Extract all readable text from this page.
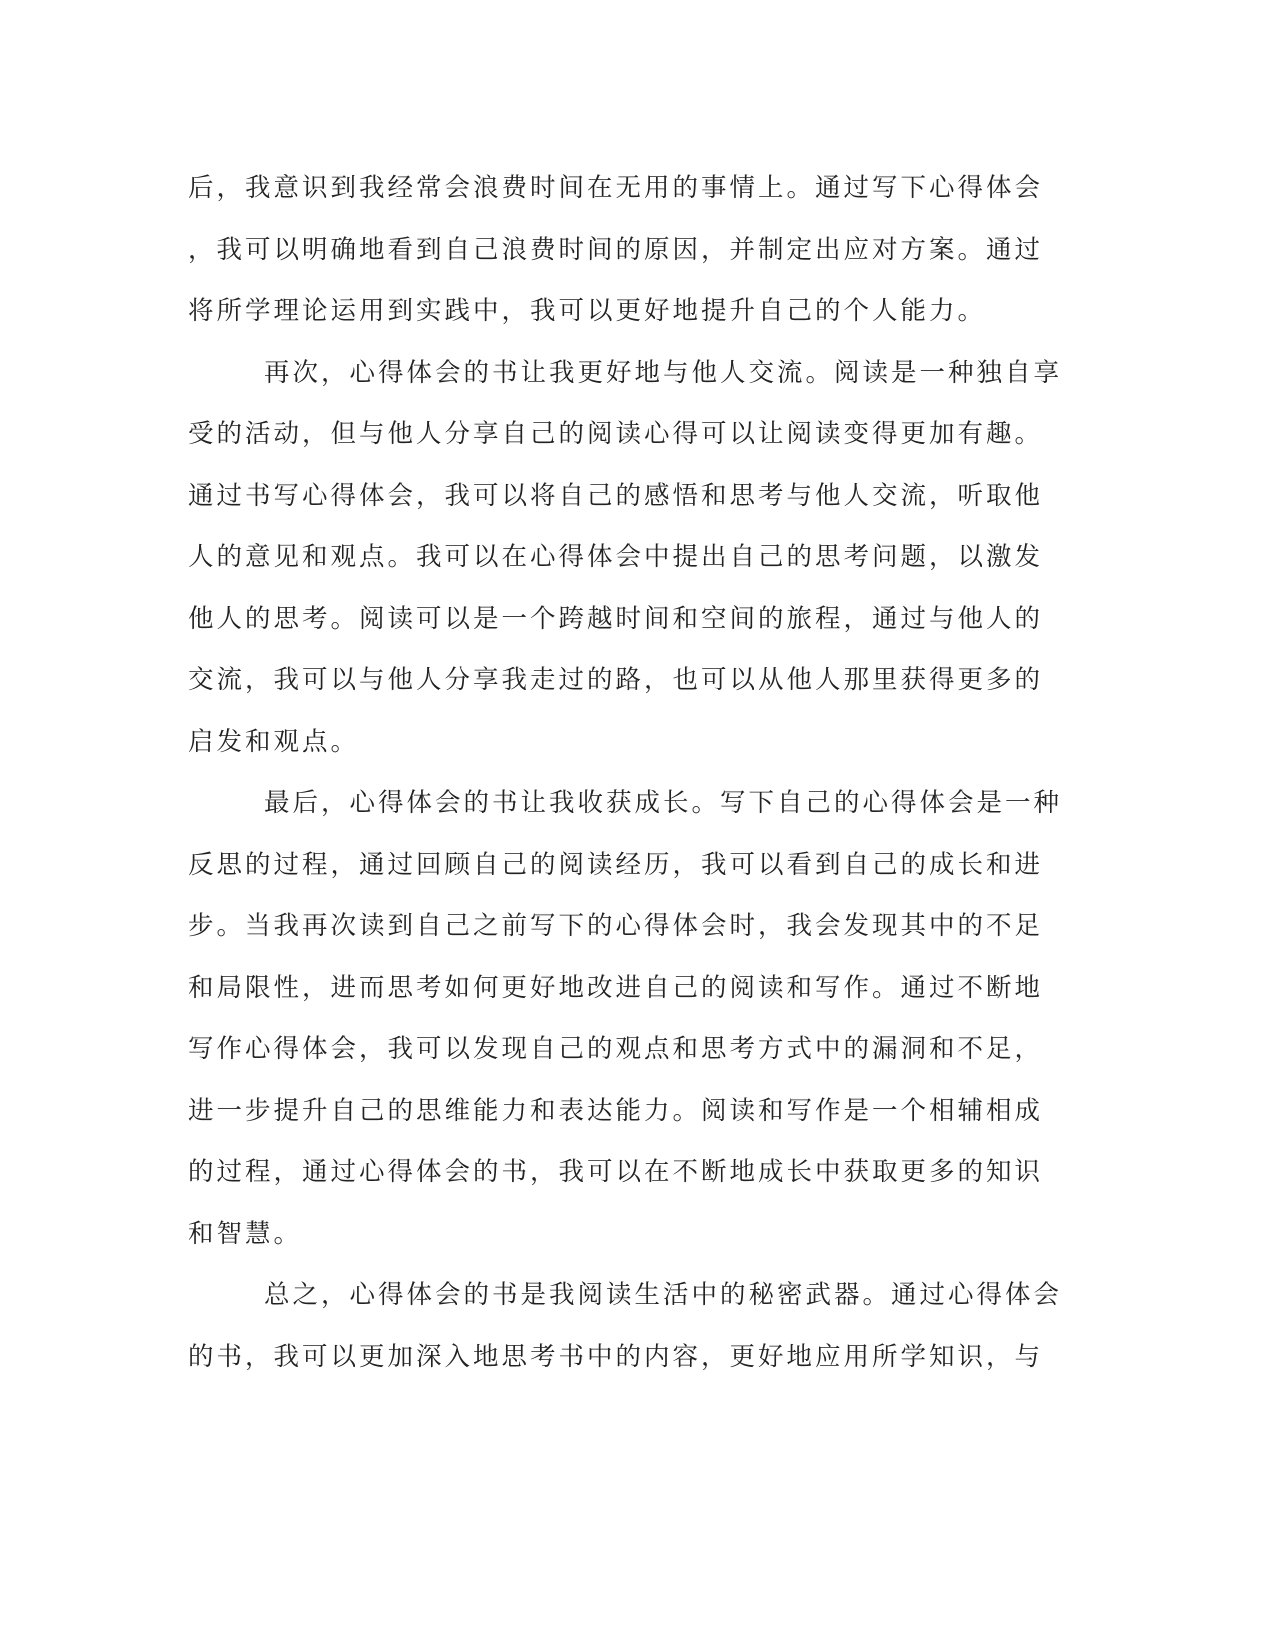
后，我意识到我经常会浪费时间在无用的事情上。通过写下心得体会
，我可以明确地看到自己浪费时间的原因，并制定出应对方案。通过
将所学理论运用到实践中，我可以更好地提升自己的个人能力。
再次，心得体会的书让我更好地与他人交流。阅读是一种独自享
受的活动，但与他人分享自己的阅读心得可以让阅读变得更加有趣。
通过书写心得体会，我可以将自己的感悟和思考与他人交流，听取他
人的意见和观点。我可以在心得体会中提出自己的思考问题，以激发
他人的思考。阅读可以是一个跨越时间和空间的旅程，通过与他人的
交流，我可以与他人分享我走过的路，也可以从他人那里获得更多的
启发和观点。
最后，心得体会的书让我收获成长。写下自己的心得体会是一种
反思的过程，通过回顾自己的阅读经历，我可以看到自己的成长和进
步。当我再次读到自己之前写下的心得体会时，我会发现其中的不足
和局限性，进而思考如何更好地改进自己的阅读和写作。通过不断地
写作心得体会，我可以发现自己的观点和思考方式中的漏洞和不足，
进一步提升自己的思维能力和表达能力。阅读和写作是一个相辅相成
的过程，通过心得体会的书，我可以在不断地成长中获取更多的知识
和智慧。
总之，心得体会的书是我阅读生活中的秘密武器。通过心得体会
的书，我可以更加深入地思考书中的内容，更好地应用所学知识，与
